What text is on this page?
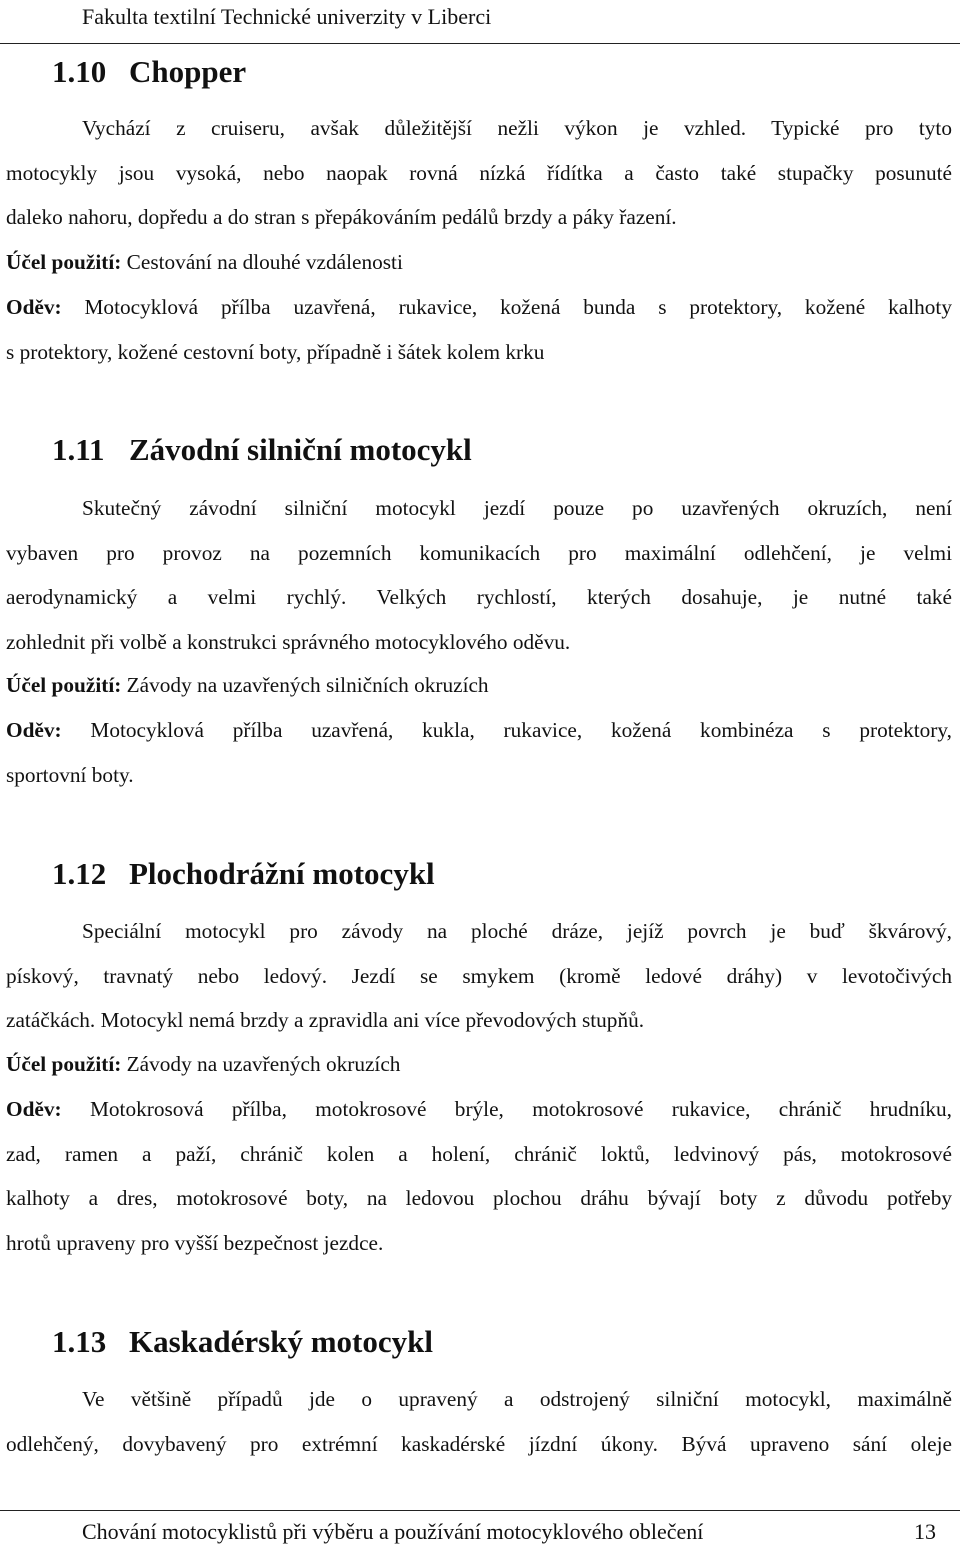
Fakulta textilní Technické univerzity v Liberci
1.10 Chopper
Vychází z cruiseru, avšak důležitější nežli výkon je vzhled. Typické pro tyto
motocykly jsou vysoká, nebo naopak rovná nízká řídítka a často také stupačky posunuté
daleko nahoru, dopředu a do stran s přepákováním pedálů brzdy a páky řazení.
Účel použití: Cestování na dlouhé vzdálenosti
Oděv: Motocyklová přílba uzavřená, rukavice, kožená bunda s protektory, kožené kalhoty
s protektory, kožené cestovní boty, případně i šátek kolem krku
1.11 Závodní silniční motocykl
Skutečný závodní silniční motocykl jezdí pouze po uzavřených okruzích, není
vybaven pro provoz na pozemních komunikacích pro maximální odlehčení, je velmi
aerodynamický a velmi rychlý. Velkých rychlostí, kterých dosahuje, je nutné také
zohlednit při volbě a konstrukci správného motocyklového oděvu.
Účel použití: Závody na uzavřených silničních okruzích
Oděv: Motocyklová přílba uzavřená, kukla, rukavice, kožená kombinéza s protektory,
sportovní boty.
1.12 Plochodrážní motocykl
Speciální motocykl pro závody na ploché dráze, jejíž povrch je buď škvárový,
pískový, travnatý nebo ledový. Jezdí se smykem (kromě ledové dráhy) v levotočivých
zatáčkách. Motocykl nemá brzdy a zpravidla ani více převodových stupňů.
Účel použití: Závody na uzavřených okruzích
Oděv: Motokrosová přílba, motokrosové brýle, motokrosové rukavice, chránič hrudníku,
zad, ramen a paží, chránič kolen a holení, chránič loktů, ledvinový pás, motokrosové
kalhoty a dres, motokrosové boty, na ledovou plochou dráhu bývají boty z důvodu potřeby
hrotů upraveny pro vyšší bezpečnost jezdce.
1.13 Kaskadérský motocykl
Ve většině případů jde o upravený a odstrojený silniční motocykl, maximálně
odlehčený, dovybavený pro extrémní kaskadérské jízdní úkony. Bývá upraveno sání oleje
Chování motocyklistů při výběru a používání motocyklového oblečení	13
